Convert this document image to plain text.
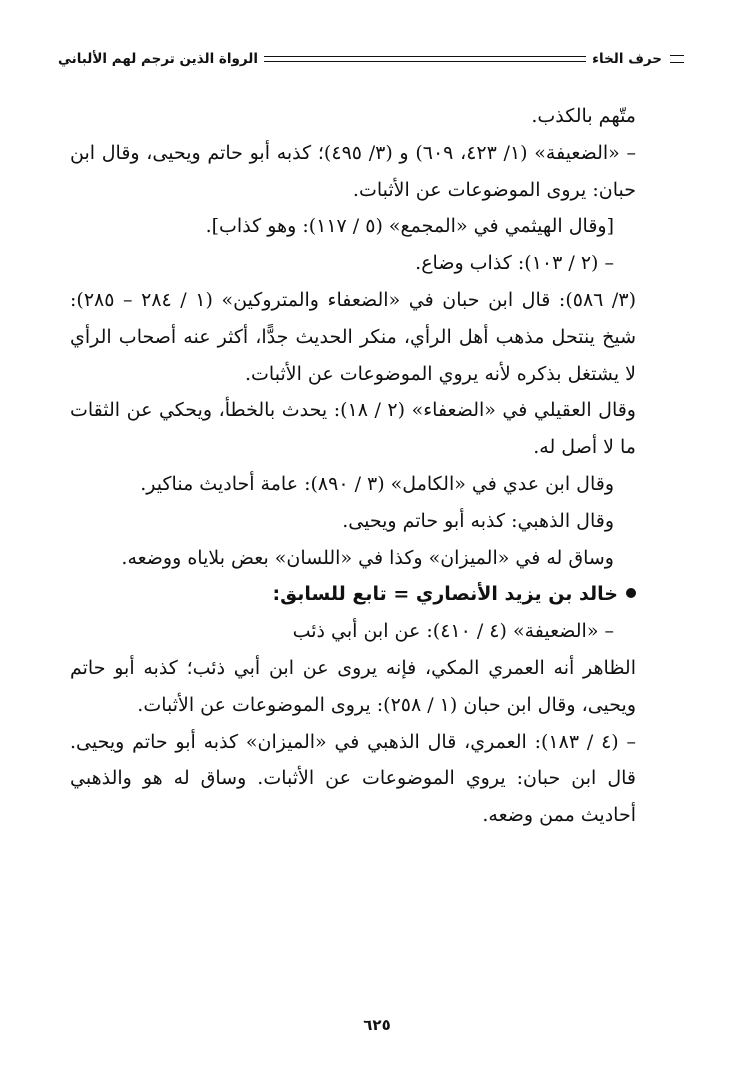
حرف الخاء
الرواة الذين ترجم لهم الألباني

متّهم بالكذب.

– «الضعيفة» (١/ ٤٢٣، ٦٠٩) و (٣/ ٤٩٥)؛ كذبه أبو حاتم ويحيى، وقال ابن حبان: يروى الموضوعات عن الأثبات.

[وقال الهيثمي في «المجمع» (٥ / ١١٧): وهو كذاب].

– (٢ / ١٠٣): كذاب وضاع.

(٣/ ٥٨٦): قال ابن حبان في «الضعفاء والمتروكين» (١ / ٢٨٤ – ٢٨٥): شيخ ينتحل مذهب أهل الرأي، منكر الحديث جدًّا، أكثر عنه أصحاب الرأي لا يشتغل بذكره لأنه يروي الموضوعات عن الأثبات.

وقال العقيلي في «الضعفاء» (٢ / ١٨): يحدث بالخطأ، ويحكي عن الثقات ما لا أصل له.

وقال ابن عدي في «الكامل» (٣ / ٨٩٠): عامة أحاديث مناكير.

وقال الذهبي: كذبه أبو حاتم ويحيى.

وساق له في «الميزان» وكذا في «اللسان» بعض بلاياه ووضعه.

خالد بن يزيد الأنصاري = تابع للسابق:

– «الضعيفة» (٤ / ٤١٠): عن ابن أبي ذئب

الظاهر أنه العمري المكي، فإنه يروى عن ابن أبي ذئب؛ كذبه أبو حاتم ويحيى، وقال ابن حبان (١ / ٢٥٨): يروى الموضوعات عن الأثبات.

– (٤ / ١٨٣): العمري، قال الذهبي في «الميزان» كذبه أبو حاتم ويحيى. قال ابن حبان: يروي الموضوعات عن الأثبات. وساق له هو والذهبي أحاديث ممن وضعه.

٦٢٥
